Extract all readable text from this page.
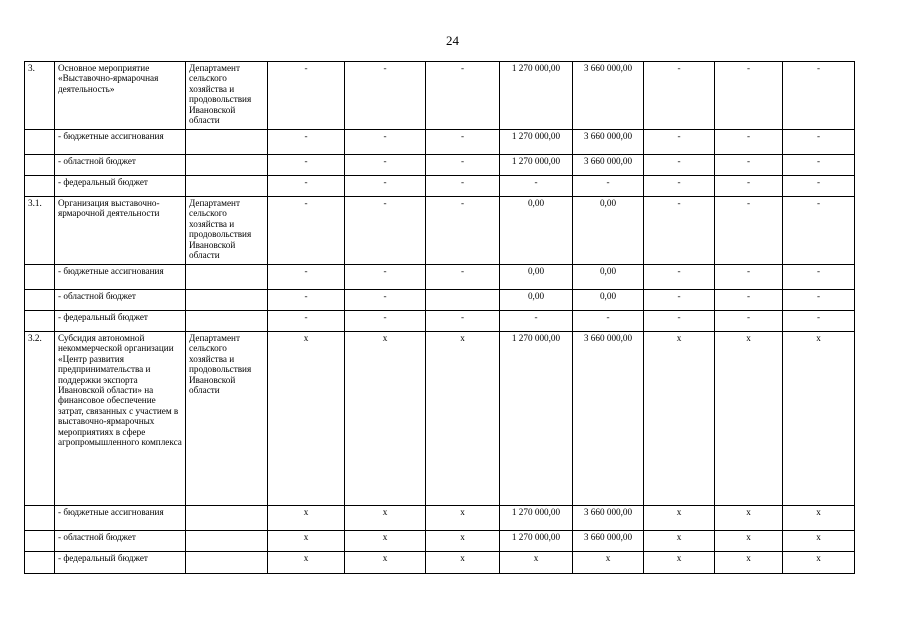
24
3.	Основное мероприятие «Выставочно-ярмарочная деятельность»	Департамент сельского хозяйства и продовольствия Ивановской области	-	-	-	1 270 000,00	3 660 000,00	-	-	-
	- бюджетные ассигнования		-	-	-	1 270 000,00	3 660 000,00	-	-	-
	- областной бюджет		-	-	-	1 270 000,00	3 660 000,00	-	-	-
	- федеральный бюджет		-	-	-	-	-	-	-	-
3.1.	Организация выставочно-ярмарочной деятельности	Департамент сельского хозяйства и продовольствия Ивановской области	-	-	-	0,00	0,00	-	-	-
	- бюджетные ассигнования		-	-	-	0,00	0,00	-	-	-
	- областной бюджет		-	-		0,00	0,00	-	-	-
	- федеральный бюджет		-	-	-	-	-	-	-	-
3.2.	Субсидия автономной некоммерческой организации «Центр развития предпринимательства и поддержки экспорта Ивановской области» на финансовое обеспечение затрат, связанных с участием в выставочно-ярмарочных мероприятиях в сфере агропромышленного комплекса	Департамент сельского хозяйства и продовольствия Ивановской области	х	х	х	1 270 000,00	3 660 000,00	х	х	х
	- бюджетные ассигнования		х	х	х	1 270 000,00	3 660 000,00	х	х	х
	- областной бюджет		х	х	х	1 270 000,00	3 660 000,00	х	х	х
	- федеральный бюджет		х	х	х	х	х	х	х	х
